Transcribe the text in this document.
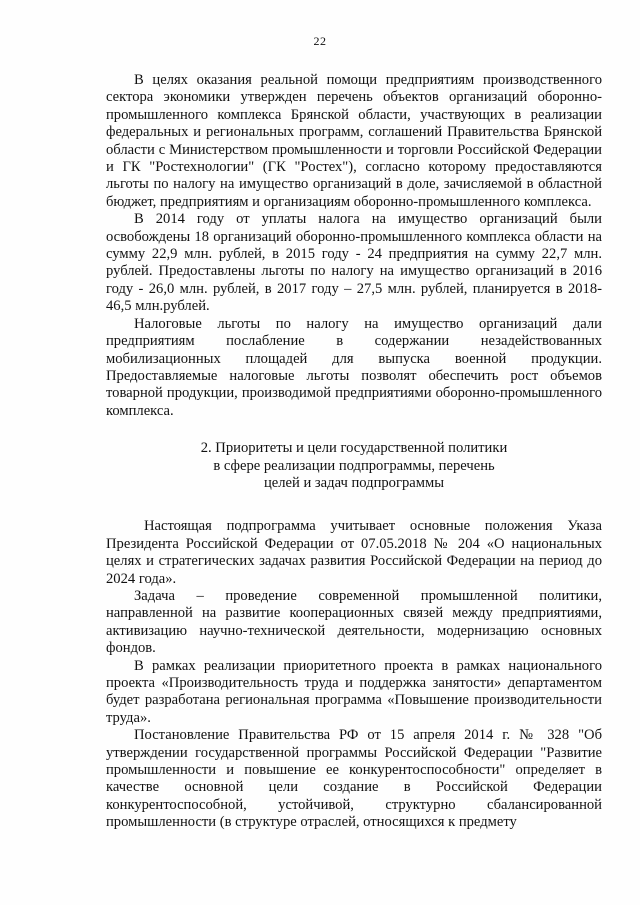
22

В целях оказания реальной помощи предприятиям производственного сектора экономики утвержден перечень объектов организаций оборонно-промышленного комплекса Брянской области, участвующих в реализации федеральных и региональных программ, соглашений Правительства Брянской области с Министерством промышленности и торговли Российской Федерации и ГК "Ростехнологии" (ГК "Ростех"), согласно которому предоставляются льготы по налогу на имущество организаций в доле, зачисляемой в областной бюджет, предприятиям и организациям оборонно-промышленного комплекса.

В 2014 году от уплаты налога на имущество организаций были освобождены 18 организаций оборонно-промышленного комплекса области на сумму 22,9 млн. рублей, в 2015 году - 24 предприятия на сумму 22,7 млн. рублей. Предоставлены льготы по налогу на имущество организаций в 2016 году - 26,0 млн. рублей, в 2017 году – 27,5 млн. рублей, планируется в 2018- 46,5 млн.рублей.

Налоговые льготы по налогу на имущество организаций дали предприятиям послабление в содержании незадействованных мобилизационных площадей для выпуска военной продукции. Предоставляемые налоговые льготы позволят обеспечить рост объемов товарной продукции, производимой предприятиями оборонно-промышленного комплекса.

2. Приоритеты и цели государственной политики
в сфере реализации подпрограммы, перечень
целей и задач подпрограммы

Настоящая подпрограмма учитывает основные положения Указа Президента Российской Федерации от 07.05.2018 № 204 «О национальных целях и стратегических задачах развития Российской Федерации на период до 2024 года».

Задача – проведение современной промышленной политики, направленной на развитие кооперационных связей между предприятиями, активизацию научно-технической деятельности, модернизацию основных фондов.

В рамках реализации приоритетного проекта в рамках национального проекта «Производительность труда и поддержка занятости» департаментом будет разработана региональная программа «Повышение производительности труда».

Постановление Правительства РФ от 15 апреля 2014 г. № 328 "Об утверждении государственной программы Российской Федерации "Развитие промышленности и повышение ее конкурентоспособности" определяет в качестве основной цели создание в Российской Федерации конкурентоспособной, устойчивой, структурно сбалансированной промышленности (в структуре отраслей, относящихся к предмету
